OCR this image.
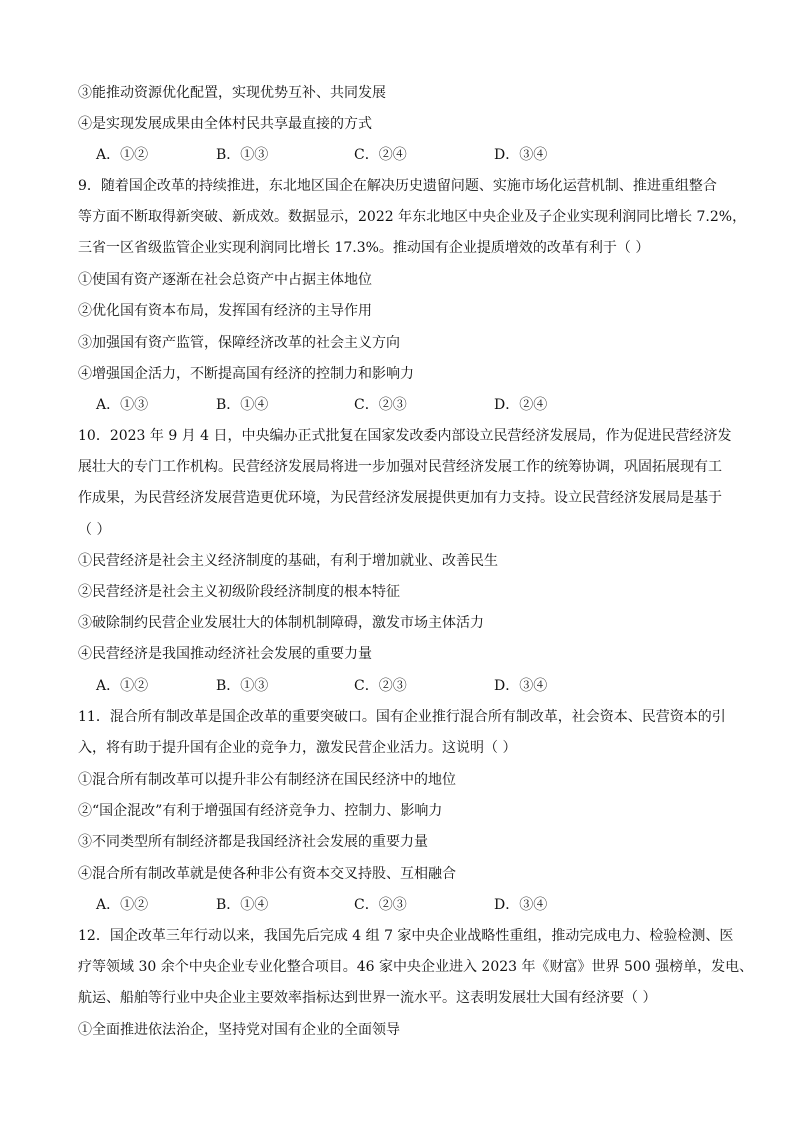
③能推动资源优化配置，实现优势互补、共同发展
④是实现发展成果由全体村民共享最直接的方式
A．①②	B．①③	C．②④	D．③④
9．随着国企改革的持续推进，东北地区国企在解决历史遗留问题、实施市场化运营机制、推进重组整合
等方面不断取得新突破、新成效。数据显示，2022 年东北地区中央企业及子企业实现利润同比增长 7.2%，
三省一区省级监管企业实现利润同比增长 17.3%。推动国有企业提质增效的改革有利于（ ）
①使国有资产逐渐在社会总资产中占据主体地位
②优化国有资本布局，发挥国有经济的主导作用
③加强国有资产监管，保障经济改革的社会主义方向
④增强国企活力，不断提高国有经济的控制力和影响力
A．①③	B．①④	C．②③	D．②④
10．2023 年 9 月 4 日，中央编办正式批复在国家发改委内部设立民营经济发展局，作为促进民营经济发
展壮大的专门工作机构。民营经济发展局将进一步加强对民营经济发展工作的统筹协调，巩固拓展现有工
作成果，为民营经济发展营造更优环境，为民营经济发展提供更加有力支持。设立民营经济发展局是基于
（ ）
①民营经济是社会主义经济制度的基础，有利于增加就业、改善民生
②民营经济是社会主义初级阶段经济制度的根本特征
③破除制约民营企业发展壮大的体制机制障碍，激发市场主体活力
④民营经济是我国推动经济社会发展的重要力量
A．①②	B．①③	C．②③	D．③④
11．混合所有制改革是国企改革的重要突破口。国有企业推行混合所有制改革，社会资本、民营资本的引
入，将有助于提升国有企业的竞争力，激发民营企业活力。这说明（ ）
①混合所有制改革可以提升非公有制经济在国民经济中的地位
②“国企混改”有利于增强国有经济竞争力、控制力、影响力
③不同类型所有制经济都是我国经济社会发展的重要力量
④混合所有制改革就是使各种非公有资本交叉持股、互相融合
A．①②	B．①④	C．②③	D．③④
12．国企改革三年行动以来，我国先后完成 4 组 7 家中央企业战略性重组，推动完成电力、检验检测、医
疗等领域 30 余个中央企业专业化整合项目。46 家中央企业进入 2023 年《财富》世界 500 强榜单，发电、
航运、船舶等行业中央企业主要效率指标达到世界一流水平。这表明发展壮大国有经济要（ ）
①全面推进依法治企，坚持党对国有企业的全面领导
